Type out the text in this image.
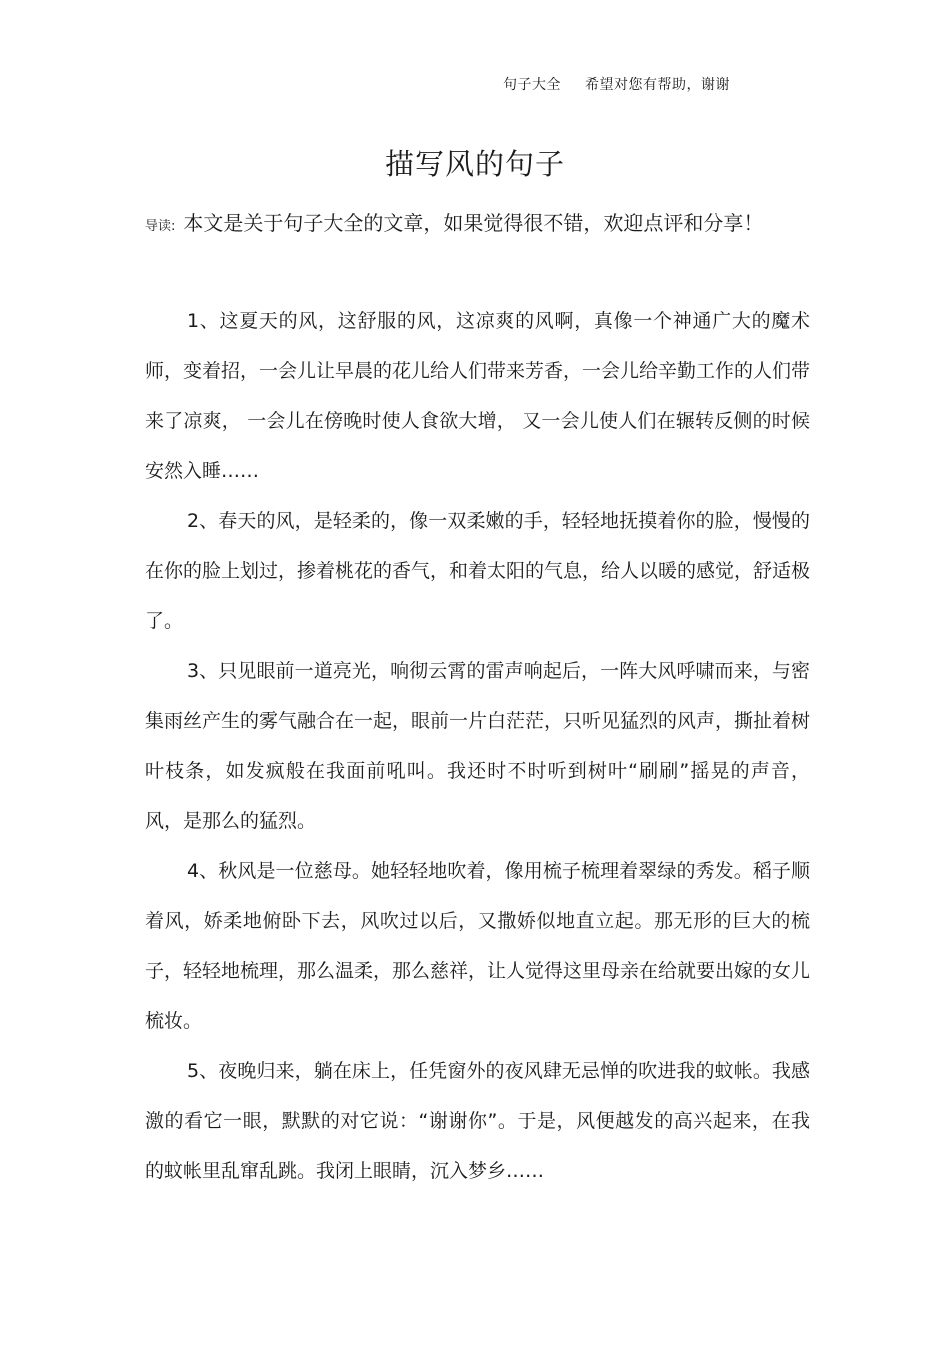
句子大全 希望对您有帮助，谢谢
描写风的句子
导读: 本文是关于句子大全的文章，如果觉得很不错，欢迎点评和分享！

1、这夏天的风，这舒服的风，这凉爽的风啊，真像一个神通广大的魔术师，变着招，一会儿让早晨的花儿给人们带来芳香，一会儿给辛勤工作的人们带来了凉爽， 一会儿在傍晚时使人食欲大增， 又一会儿使人们在辗转反侧的时候安然入睡……

2、春天的风，是轻柔的，像一双柔嫩的手，轻轻地抚摸着你的脸，慢慢的在你的脸上划过，掺着桃花的香气，和着太阳的气息，给人以暖的感觉，舒适极了。

3、只见眼前一道亮光，响彻云霄的雷声响起后，一阵大风呼啸而来，与密集雨丝产生的雾气融合在一起，眼前一片白茫茫，只听见猛烈的风声，撕扯着树叶枝条，如发疯般在我面前吼叫。我还时不时听到树叶“刷刷”摇晃的声音，风，是那么的猛烈。

4、秋风是一位慈母。她轻轻地吹着，像用梳子梳理着翠绿的秀发。稻子顺着风，娇柔地俯卧下去，风吹过以后，又撒娇似地直立起。那无形的巨大的梳子，轻轻地梳理，那么温柔，那么慈祥，让人觉得这里母亲在给就要出嫁的女儿梳妆。

5、夜晚归来，躺在床上，任凭窗外的夜风肆无忌惮的吹进我的蚊帐。我感激的看它一眼，默默的对它说：“谢谢你”。于是，风便越发的高兴起来，在我的蚊帐里乱窜乱跳。我闭上眼睛，沉入梦乡……
